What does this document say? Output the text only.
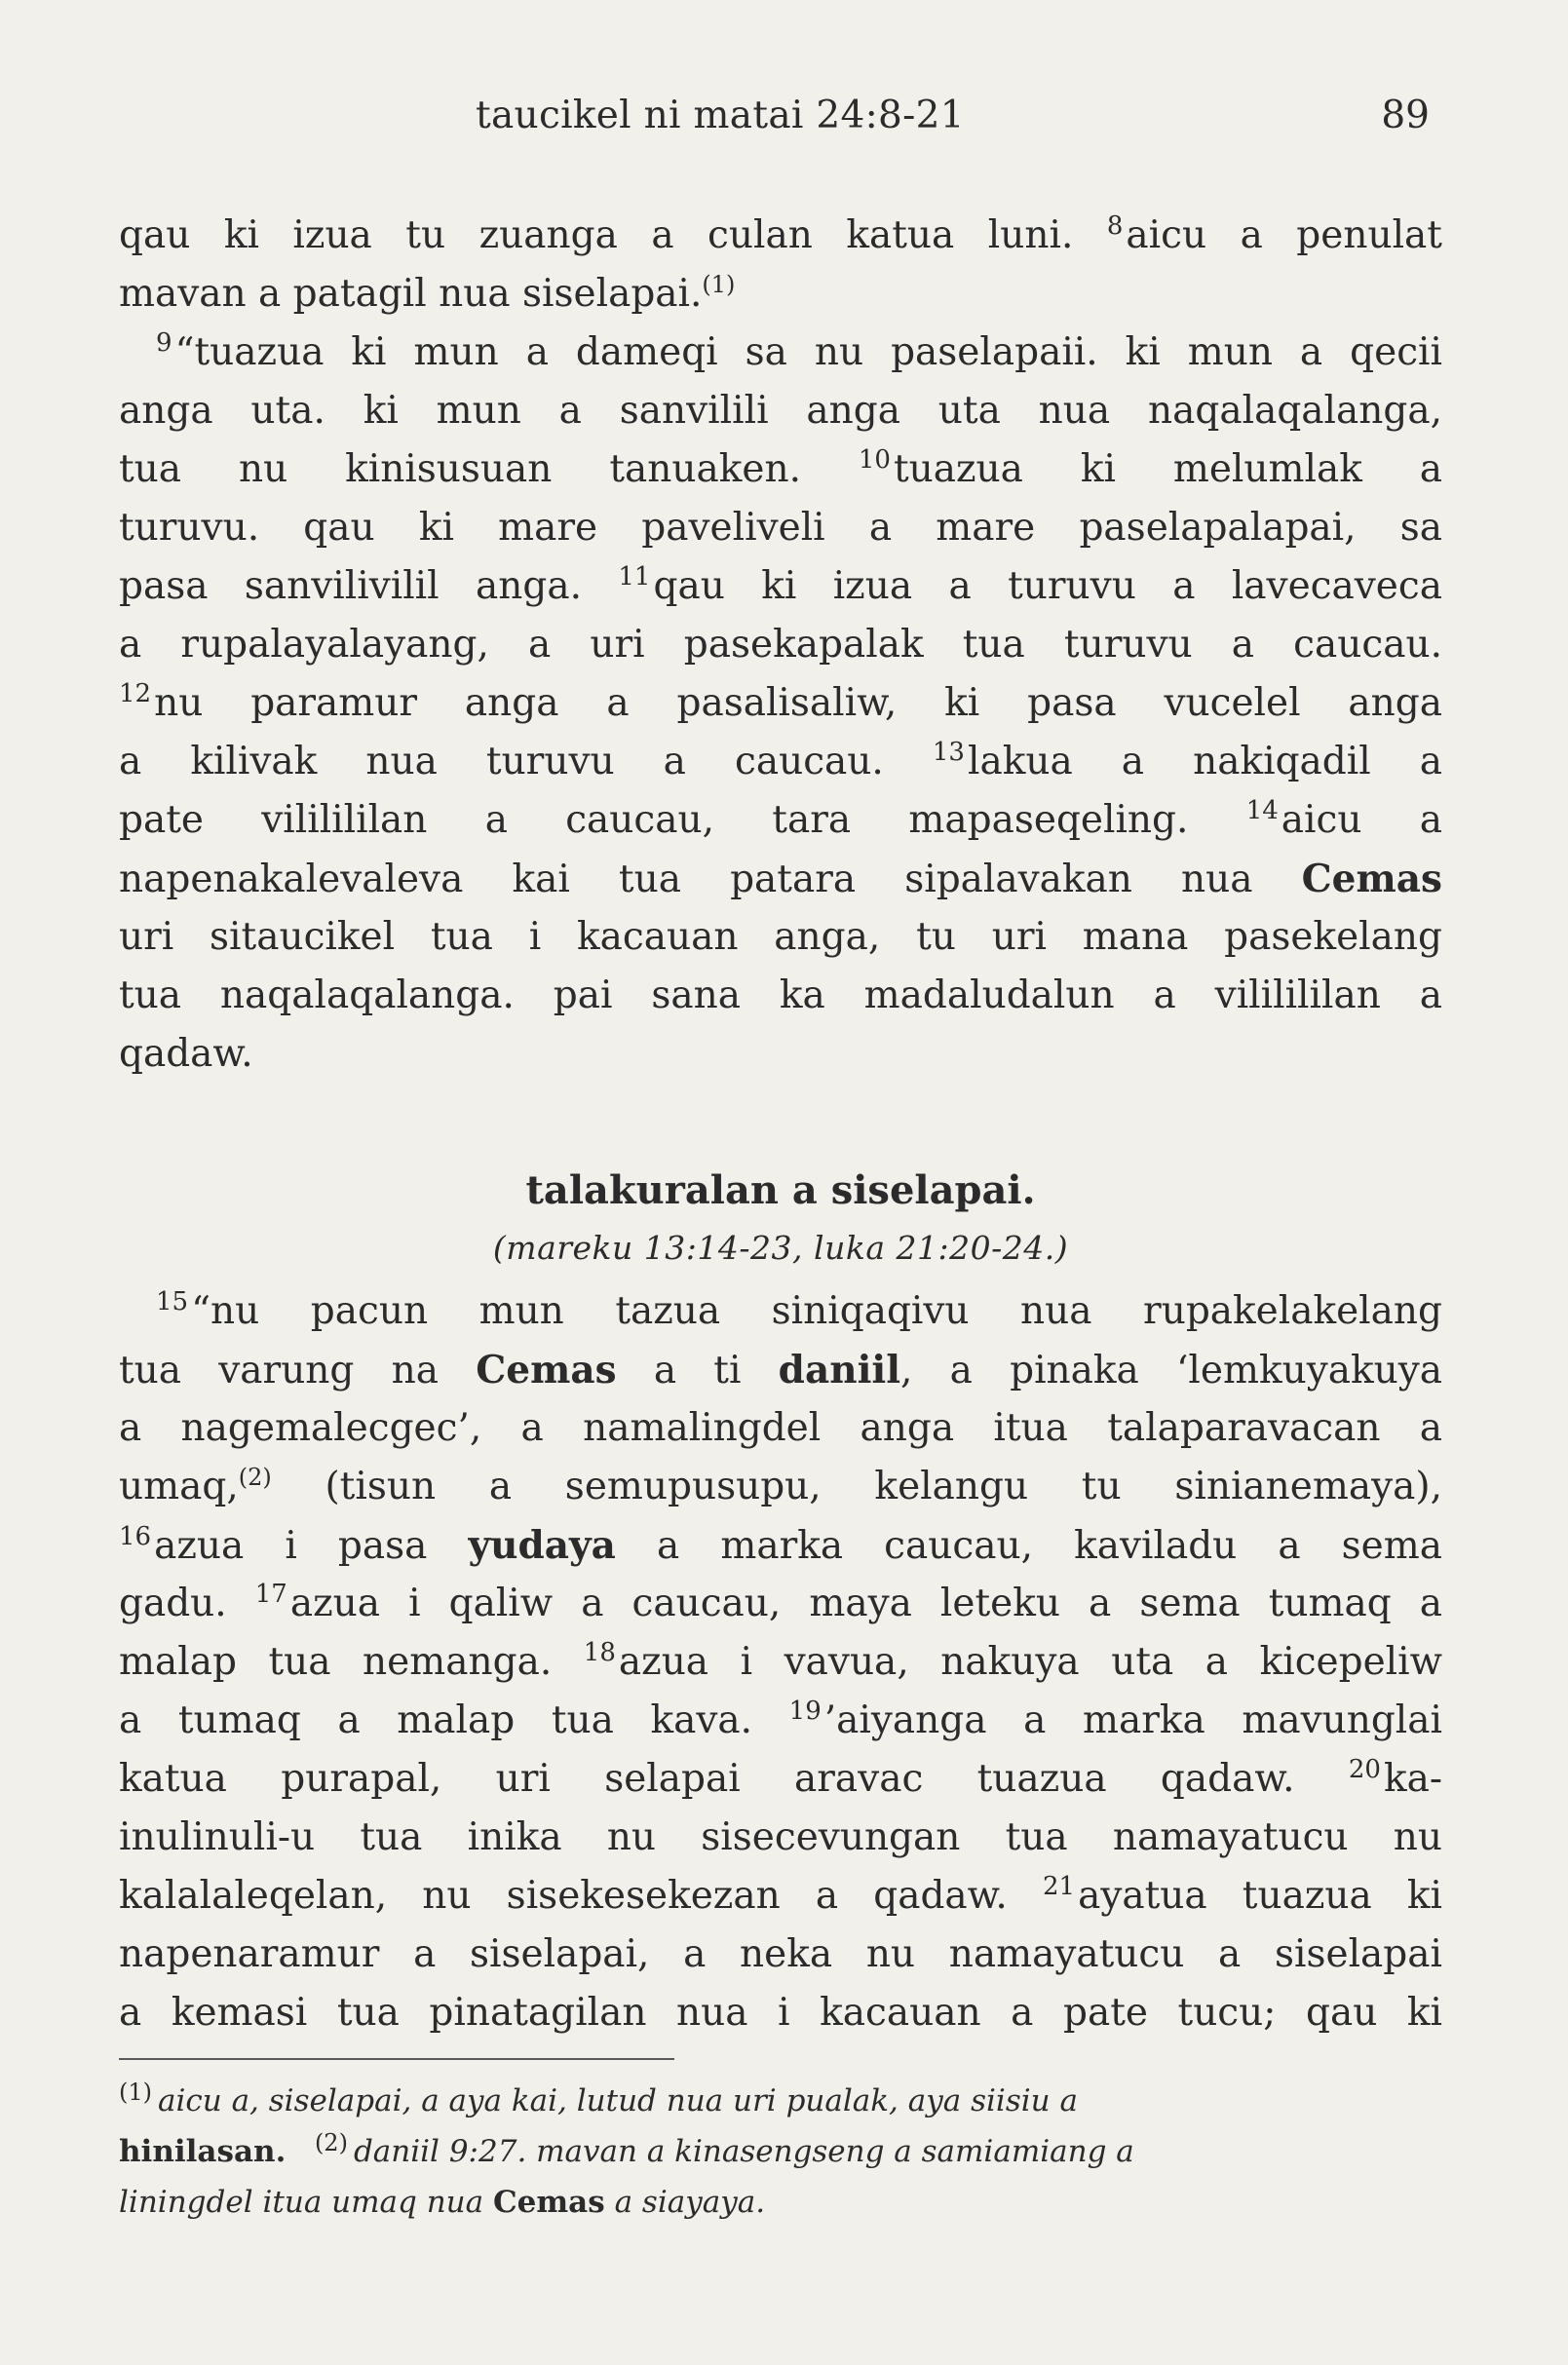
taucikel ni matai 24:8-21	89
qau ki izua tu zuanga a culan katua luni. $^8$aicu a penulat
mavan a patagil nua siselapai.$^{(1)}$
$^9$“tuazua ki mun a dameqi sa nu paselapaii. ki mun a qecii
anga uta. ki mun a sanvilili anga uta nua naqalaqalanga,
tua nu kinisusuan tanuaken. $^{10}$tuazua ki melumlak a
turuvu. qau ki mare paveliveli a mare paselapalapai, sa
pasa sanvilivilil anga. $^{11}$qau ki izua a turuvu a lavecaveca
a rupalayalayang, a uri pasekapalak tua turuvu a caucau.
$^{12}$nu paramur anga a pasalisaliw, ki pasa vucelel anga
a kilivak nua turuvu a caucau. $^{13}$lakua a nakiqadil a
pate vililililan a caucau, tara mapaseqeling. $^{14}$aicu a
napenakalevaleva kai tua patara sipalavakan nua Cemas
uri sitaucikel tua i kacauan anga, tu uri mana pasekelang
tua naqalaqalanga. pai sana ka madaludalun a vililililan a
qadaw.
talakuralan a siselapai.
(mareku 13:14-23, luka 21:20-24.)
$^{15}$“nu pacun mun tazua siniqaqivu nua rupakelakelang
tua varung na Cemas a ti daniil, a pinaka ‘lemkuyakuya
a nagemalecgec’, a namalingdel anga itua talaparavacan a
umaq,$^{(2)}$ (tisun a semupusupu, kelangu tu sinianemaya),
$^{16}$azua i pasa yudaya a marka caucau, kaviladu a sema
gadu. $^{17}$azua i qaliw a caucau, maya leteku a sema tumaq a
malap tua nemanga. $^{18}$azua i vavua, nakuya uta a kicepeliw
a tumaq a malap tua kava. $^{19}$’aiyanga a marka mavunglai
katua purapal, uri selapai aravac tuazua qadaw. $^{20}$ka-
inulinuli-u tua inika nu sisecevungan tua namayatucu nu
kalalaleqelan, nu sisekesekezan a qadaw. $^{21}$ayatua tuazua ki
napenaramur a siselapai, a neka nu namayatucu a siselapai
a kemasi tua pinatagilan nua i kacauan a pate tucu; qau ki
$^{(1)}$ aicu a, siselapai, a aya kai, lutud nua uri pualak, aya siisiu a
hinilasan. $^{(2)}$ daniil 9:27. mavan a kinasengseng a samiamiang a
liningdel itua umaq nua Cemas a siayaya.
